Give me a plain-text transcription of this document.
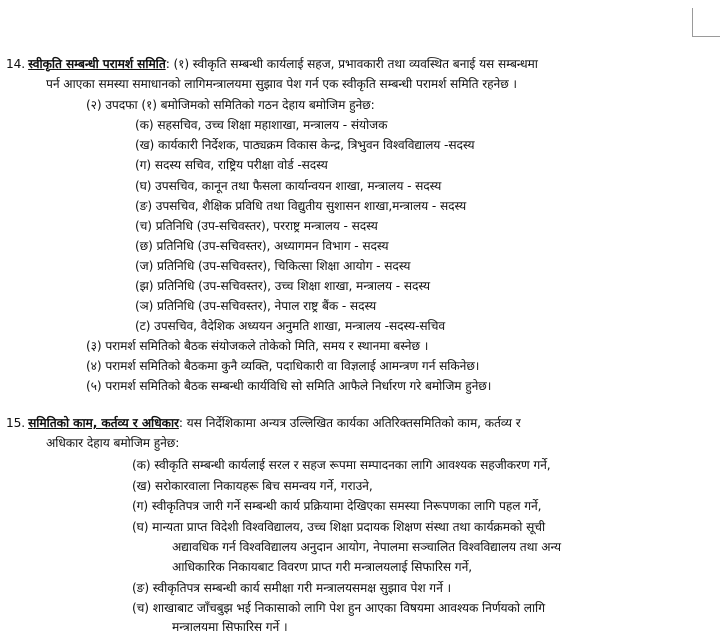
14. स्वीकृति सम्बन्धी परामर्श समिति: (१) स्वीकृति सम्बन्धी कार्यलाई सहज, प्रभावकारी तथा व्यवस्थित बनाई यस सम्बन्धमा
पर्न आएका समस्या समाधानको लागिमन्त्रालयमा सुझाव पेश गर्न एक स्वीकृति सम्बन्धी परामर्श समिति रहनेछ ।
(२) उपदफा (१) बमोजिमको समितिको गठन देहाय बमोजिम हुनेछ:
(क) सहसचिव, उच्च शिक्षा महाशाखा, मन्त्रालय - संयोजक
(ख) कार्यकारी निर्देशक, पाठ्यक्रम विकास केन्द्र, त्रिभुवन विश्वविद्यालय -सदस्य
(ग) सदस्य सचिव, राष्ट्रिय परीक्षा वोर्ड -सदस्य
(घ) उपसचिव, कानून तथा फैसला कार्यान्वयन शाखा, मन्त्रालय - सदस्य
(ङ) उपसचिव, शैक्षिक प्रविधि तथा विद्युतीय सुशासन शाखा,मन्त्रालय - सदस्य
(च) प्रतिनिधि (उप-सचिवस्तर), परराष्ट्र मन्त्रालय - सदस्य
(छ) प्रतिनिधि (उप-सचिवस्तर), अध्यागमन विभाग - सदस्य
(ज) प्रतिनिधि (उप-सचिवस्तर), चिकित्सा शिक्षा आयोग - सदस्य
(झ) प्रतिनिधि (उप-सचिवस्तर), उच्च शिक्षा शाखा, मन्त्रालय - सदस्य
(ञ) प्रतिनिधि (उप-सचिवस्तर), नेपाल राष्ट्र बैंक - सदस्य
(ट) उपसचिव, वैदेशिक अध्ययन अनुमति शाखा, मन्त्रालय -सदस्य-सचिव
(३) परामर्श समितिको बैठक संयोजकले तोकेको मिति, समय र स्थानमा बस्नेछ ।
(४) परामर्श समितिको बैठकमा कुनै व्यक्ति, पदाधिकारी वा विज्ञलाई आमन्त्रण गर्न सकिनेछ।
(५) परामर्श समितिको बैठक सम्बन्धी कार्यविधि सो समिति आफैले निर्धारण गरे बमोजिम हुनेछ।
15. समितिको काम, कर्तव्य र अधिकार: यस निर्देशिकामा अन्यत्र उल्लिखित कार्यका अतिरिक्तसमितिको काम, कर्तव्य र
अधिकार देहाय बमोजिम हुनेछ:
(क) स्वीकृति सम्बन्धी कार्यलाई सरल र सहज रूपमा सम्पादनका लागि आवश्यक सहजीकरण गर्ने,
(ख) सरोकारवाला निकायहरू बिच समन्वय गर्ने, गराउने,
(ग) स्वीकृतिपत्र जारी गर्ने सम्बन्धी कार्य प्रक्रियामा देखिएका समस्या निरूपणका लागि पहल गर्ने,
(घ) मान्यता प्राप्त विदेशी विश्वविद्यालय, उच्च शिक्षा प्रदायक शिक्षण संस्था तथा कार्यक्रमको सूची
अद्यावधिक गर्न विश्वविद्यालय अनुदान आयोग, नेपालमा सञ्चालित विश्वविद्यालय तथा अन्य
आधिकारिक निकायबाट विवरण प्राप्त गरी मन्त्रालयलाई सिफारिस गर्ने,
(ङ) स्वीकृतिपत्र सम्बन्धी कार्य समीक्षा गरी मन्त्रालयसमक्ष सुझाव पेश गर्ने ।
(च) शाखाबाट जाँचबुझ भई निकासाको लागि पेश हुन आएका विषयमा आवश्यक निर्णयको लागि
मन्त्रालयमा सिफारिस गर्ने ।
